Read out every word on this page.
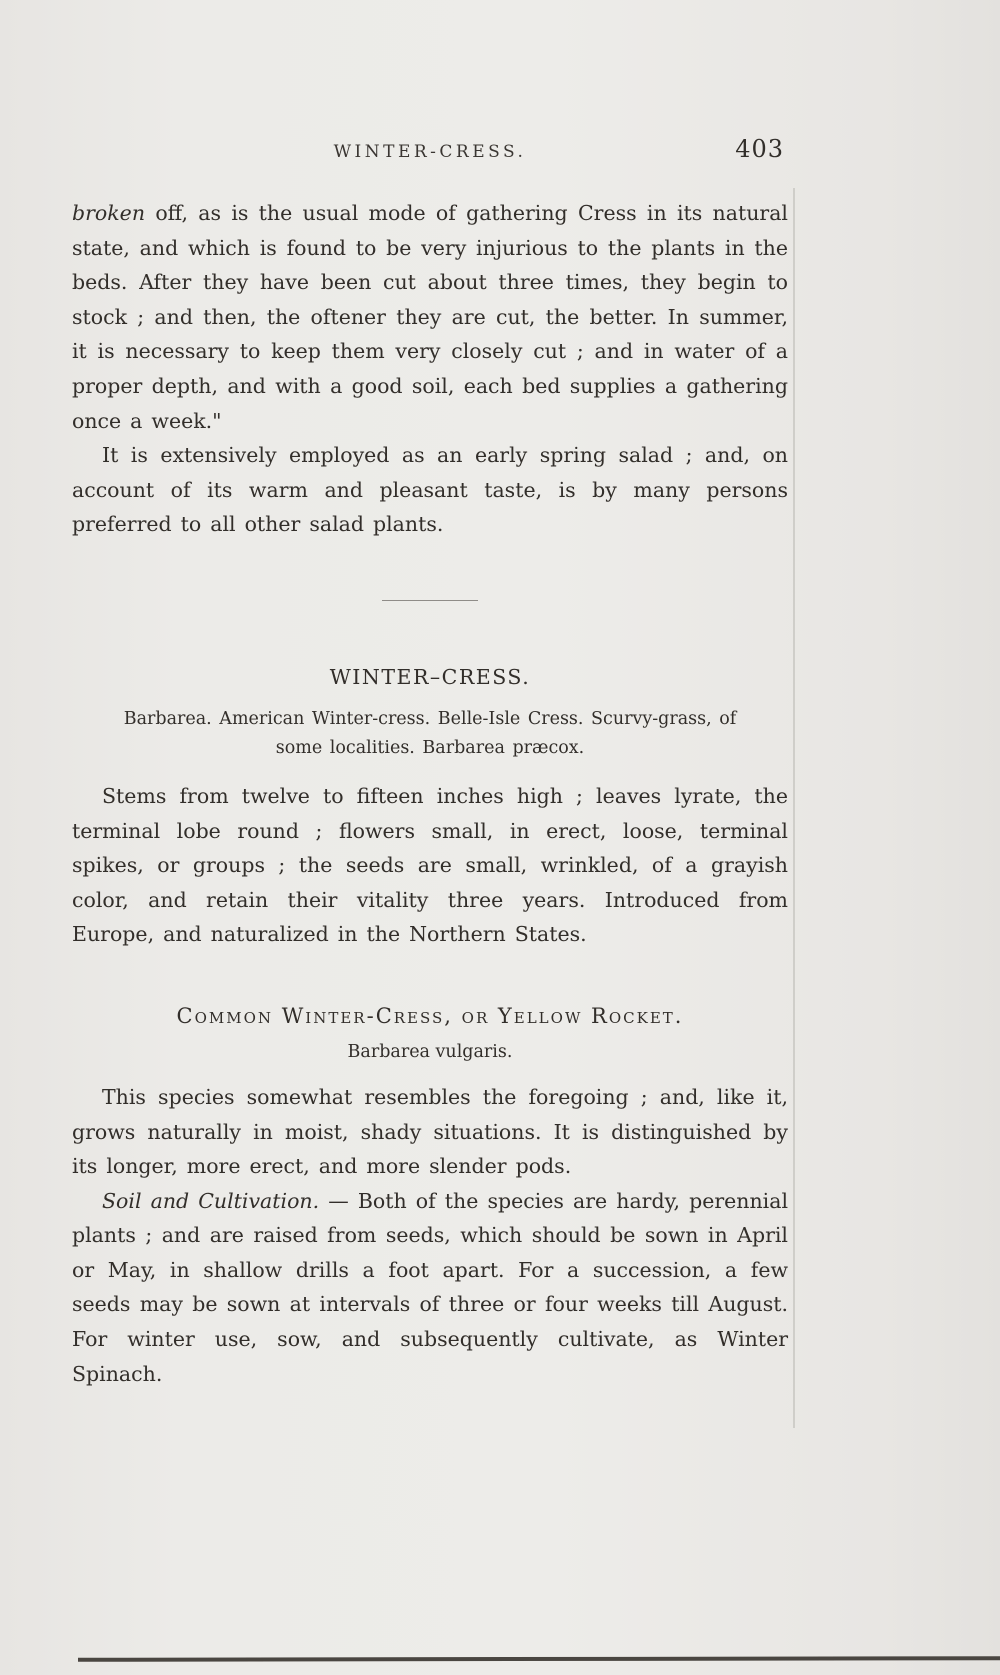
WINTER-CRESS.	403

broken off, as is the usual mode of gathering Cress in its natural state, and which is found to be very injurious to the plants in the beds. After they have been cut about three times, they begin to stock ; and then, the oftener they are cut, the better. In summer, it is necessary to keep them very closely cut ; and in water of a proper depth, and with a good soil, each bed supplies a gathering once a week."

It is extensively employed as an early spring salad ; and, on account of its warm and pleasant taste, is by many persons preferred to all other salad plants.

WINTER–CRESS.

Barbarea. American Winter-cress. Belle-Isle Cress. Scurvy-grass, of some localities. Barbarea præcox.

Stems from twelve to fifteen inches high ; leaves lyrate, the terminal lobe round ; flowers small, in erect, loose, terminal spikes, or groups ; the seeds are small, wrinkled, of a grayish color, and retain their vitality three years. Introduced from Europe, and naturalized in the Northern States.

Common Winter-Cress, or Yellow Rocket.

Barbarea vulgaris.

This species somewhat resembles the foregoing ; and, like it, grows naturally in moist, shady situations. It is distinguished by its longer, more erect, and more slender pods.

Soil and Cultivation. — Both of the species are hardy, perennial plants ; and are raised from seeds, which should be sown in April or May, in shallow drills a foot apart. For a succession, a few seeds may be sown at intervals of three or four weeks till August. For winter use, sow, and subsequently cultivate, as Winter Spinach.
